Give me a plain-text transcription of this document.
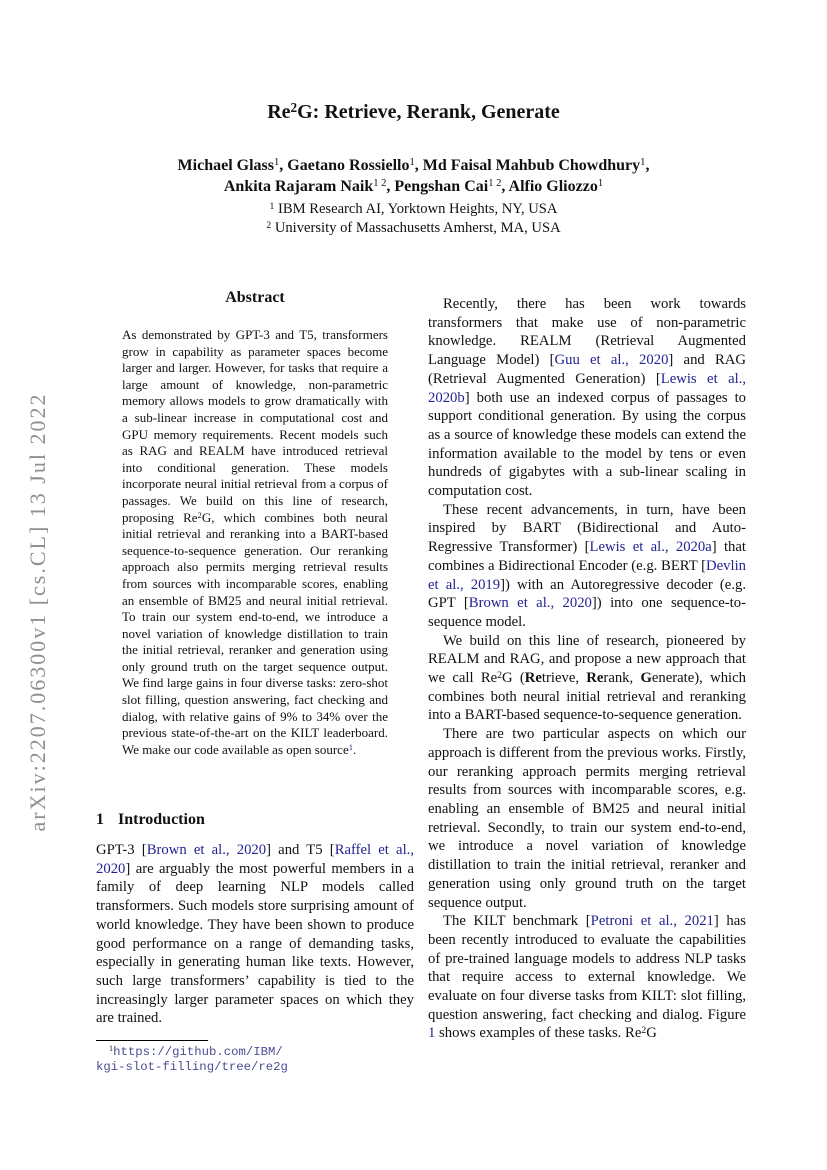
arXiv:2207.06300v1 [cs.CL] 13 Jul 2022
Re$^2$G: Retrieve, Rerank, Generate
Michael Glass$^1$, Gaetano Rossiello$^1$, Md Faisal Mahbub Chowdhury$^1$,
Ankita Rajaram Naik$^{1 2}$, Pengshan Cai$^{1 2}$, Alfio Gliozzo$^1$
$^1$ IBM Research AI, Yorktown Heights, NY, USA
$^2$ University of Massachusetts Amherst, MA, USA
Abstract
As demonstrated by GPT-3 and T5, transformers grow in capability as parameter spaces become larger and larger. However, for tasks that require a large amount of knowledge, non-parametric memory allows models to grow dramatically with a sub-linear increase in computational cost and GPU memory requirements. Recent models such as RAG and REALM have introduced retrieval into conditional generation. These models incorporate neural initial retrieval from a corpus of passages. We build on this line of research, proposing Re$^2$G, which combines both neural initial retrieval and reranking into a BART-based sequence-to-sequence generation. Our reranking approach also permits merging retrieval results from sources with incomparable scores, enabling an ensemble of BM25 and neural initial retrieval. To train our system end-to-end, we introduce a novel variation of knowledge distillation to train the initial retrieval, reranker and generation using only ground truth on the target sequence output. We find large gains in four diverse tasks: zero-shot slot filling, question answering, fact checking and dialog, with relative gains of 9% to 34% over the previous state-of-the-art on the KILT leaderboard. We make our code available as open source$^1$.
1 Introduction
GPT-3 [Brown et al., 2020] and T5 [Raffel et al., 2020] are arguably the most powerful members in a family of deep learning NLP models called transformers. Such models store surprising amount of world knowledge. They have been shown to produce good performance on a range of demanding tasks, especially in generating human like texts. However, such large transformers’ capability is tied to the increasingly larger parameter spaces on which they are trained.
$^1$https://github.com/IBM/
kgi-slot-filling/tree/re2g

Recently, there has been work towards transformers that make use of non-parametric knowledge. REALM (Retrieval Augmented Language Model) [Guu et al., 2020] and RAG (Retrieval Augmented Generation) [Lewis et al., 2020b] both use an indexed corpus of passages to support conditional generation. By using the corpus as a source of knowledge these models can extend the information available to the model by tens or even hundreds of gigabytes with a sub-linear scaling in computation cost.

These recent advancements, in turn, have been inspired by BART (Bidirectional and Auto-Regressive Transformer) [Lewis et al., 2020a] that combines a Bidirectional Encoder (e.g. BERT [Devlin et al., 2019]) with an Autoregressive decoder (e.g. GPT [Brown et al., 2020]) into one sequence-to-sequence model.

We build on this line of research, pioneered by REALM and RAG, and propose a new approach that we call Re$^2$G (Retrieve, Rerank, Generate), which combines both neural initial retrieval and reranking into a BART-based sequence-to-sequence generation.

There are two particular aspects on which our approach is different from the previous works. Firstly, our reranking approach permits merging retrieval results from sources with incomparable scores, e.g. enabling an ensemble of BM25 and neural initial retrieval. Secondly, to train our system end-to-end, we introduce a novel variation of knowledge distillation to train the initial retrieval, reranker and generation using only ground truth on the target sequence output.

The KILT benchmark [Petroni et al., 2021] has been recently introduced to evaluate the capabilities of pre-trained language models to address NLP tasks that require access to external knowledge. We evaluate on four diverse tasks from KILT: slot filling, question answering, fact checking and dialog. Figure 1 shows examples of these tasks. Re$^2$G
